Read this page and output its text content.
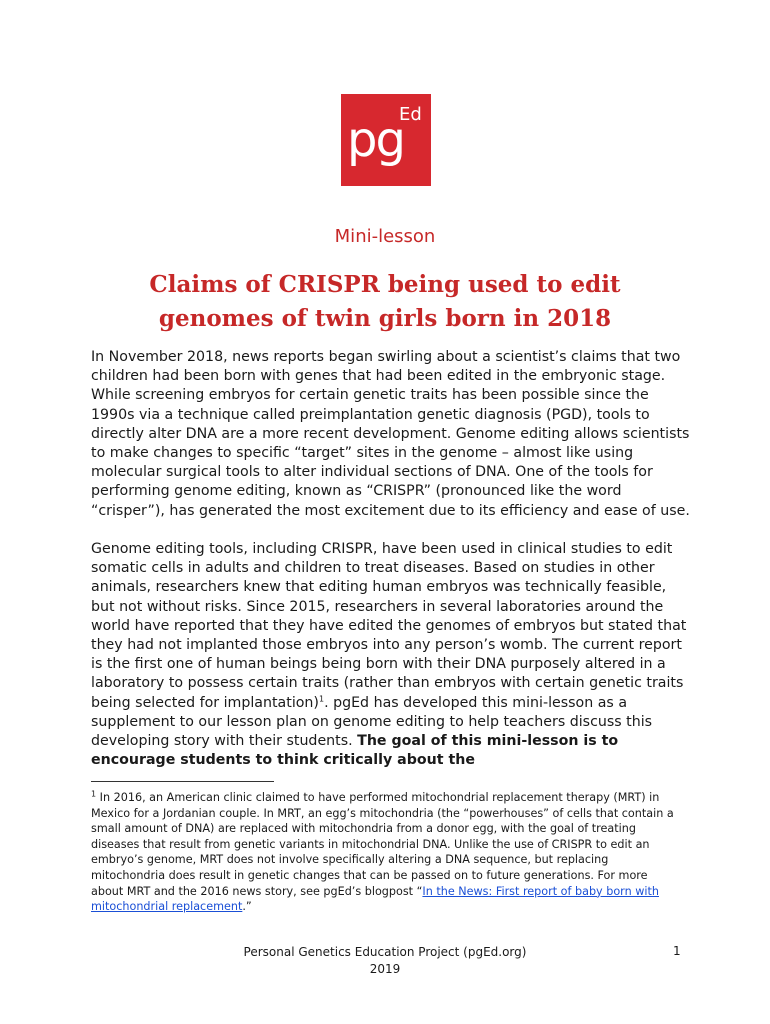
pg
Ed
Mini-lesson
Claims of CRISPR being used to edit genomes of twin girls born in 2018
In November 2018, news reports began swirling about a scientist’s claims that two children had been born with genes that had been edited in the embryonic stage. While screening embryos for certain genetic traits has been possible since the 1990s via a technique called preimplantation genetic diagnosis (PGD), tools to directly alter DNA are a more recent development. Genome editing allows scientists to make changes to specific “target” sites in the genome – almost like using molecular surgical tools to alter individual sections of DNA. One of the tools for performing genome editing, known as “CRISPR” (pronounced like the word “crisper”), has generated the most excitement due to its efficiency and ease of use.
Genome editing tools, including CRISPR, have been used in clinical studies to edit somatic cells in adults and children to treat diseases. Based on studies in other animals, researchers knew that editing human embryos was technically feasible, but not without risks. Since 2015, researchers in several laboratories around the world have reported that they have edited the genomes of embryos but stated that they had not implanted those embryos into any person’s womb. The current report is the first one of human beings being born with their DNA purposely altered in a laboratory to possess certain traits (rather than embryos with certain genetic traits being selected for implantation)$^1$. pgEd has developed this mini-lesson as a supplement to our lesson plan on genome editing to help teachers discuss this developing story with their students. The goal of this mini-lesson is to encourage students to think critically about the
$^1$ In 2016, an American clinic claimed to have performed mitochondrial replacement therapy (MRT) in Mexico for a Jordanian couple. In MRT, an egg’s mitochondria (the “powerhouses” of cells that contain a small amount of DNA) are replaced with mitochondria from a donor egg, with the goal of treating diseases that result from genetic variants in mitochondrial DNA. Unlike the use of CRISPR to edit an embryo’s genome, MRT does not involve specifically altering a DNA sequence, but replacing mitochondria does result in genetic changes that can be passed on to future generations. For more about MRT and the 2016 news story, see pgEd’s blogpost “In the News: First report of baby born with mitochondrial replacement.”
Personal Genetics Education Project (pgEd.org)
2019
1
